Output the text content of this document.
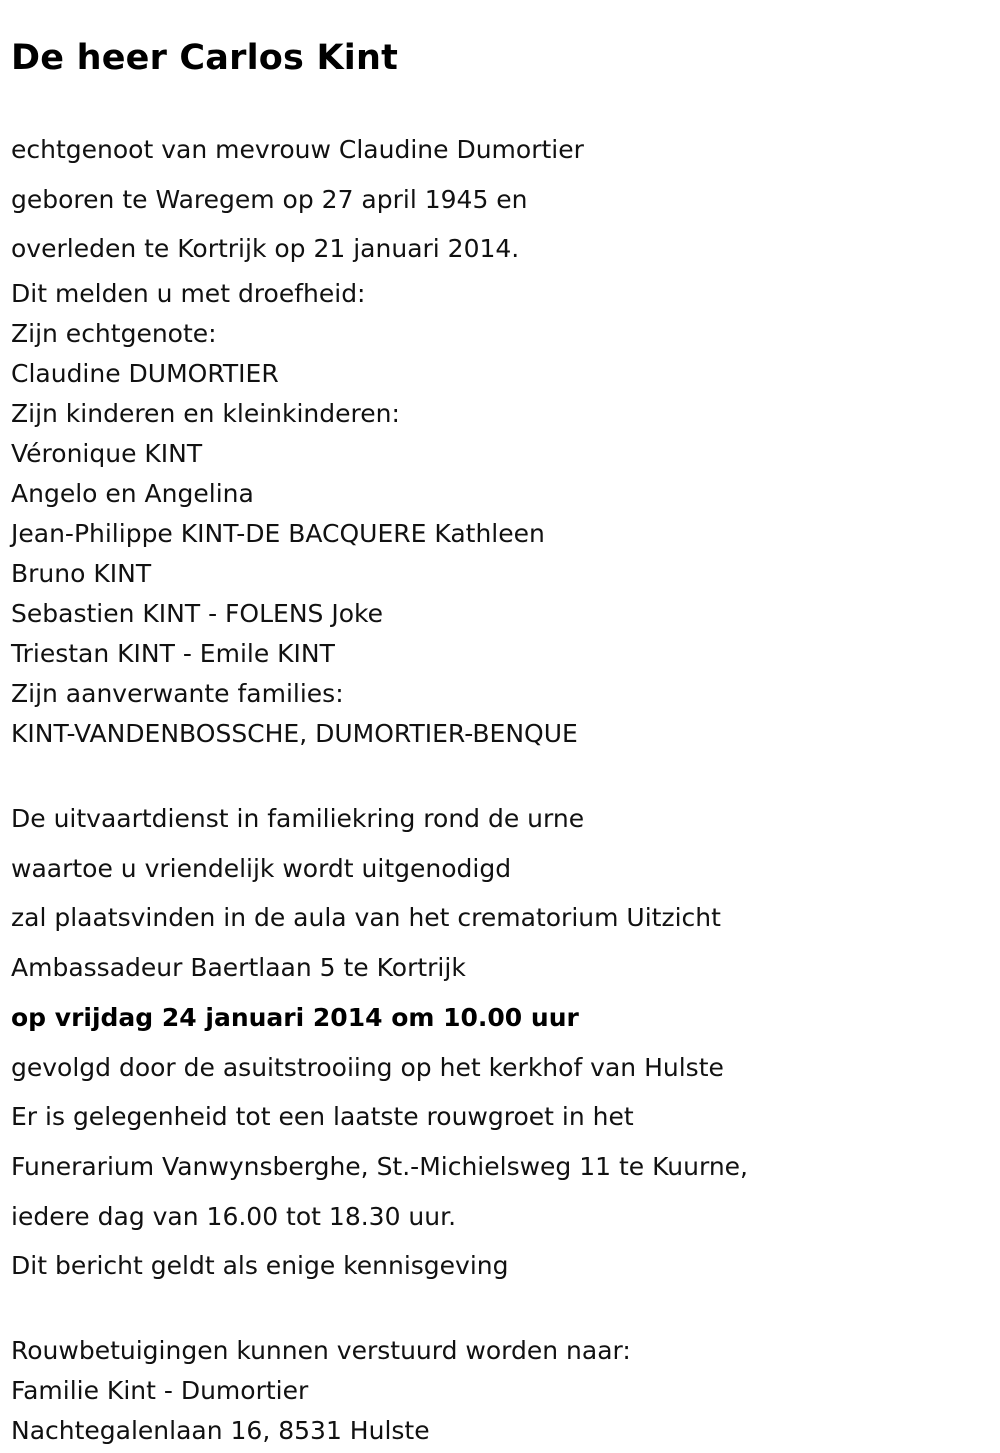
De heer Carlos Kint

echtgenoot van mevrouw Claudine Dumortier

geboren te Waregem op 27 april 1945 en

overleden te Kortrijk op 21 januari 2014.

Dit melden u met droefheid:

Zijn echtgenote:

Claudine DUMORTIER

Zijn kinderen en kleinkinderen:

Véronique KINT

Angelo en Angelina

Jean-Philippe KINT-DE BACQUERE Kathleen

Bruno KINT

Sebastien KINT - FOLENS Joke

Triestan KINT - Emile KINT

Zijn aanverwante families:

KINT-VANDENBOSSCHE, DUMORTIER-BENQUE

De uitvaartdienst in familiekring rond de urne

waartoe u vriendelijk wordt uitgenodigd

zal plaatsvinden in de aula van het crematorium Uitzicht

Ambassadeur Baertlaan 5 te Kortrijk

op vrijdag 24 januari 2014 om 10.00 uur

gevolgd door de asuitstrooiing op het kerkhof van Hulste

Er is gelegenheid tot een laatste rouwgroet in het

Funerarium Vanwynsberghe, St.-Michielsweg 11 te Kuurne,

iedere dag van 16.00 tot 18.30 uur.

Dit bericht geldt als enige kennisgeving

Rouwbetuigingen kunnen verstuurd worden naar:

Familie Kint - Dumortier

Nachtegalenlaan 16, 8531 Hulste
